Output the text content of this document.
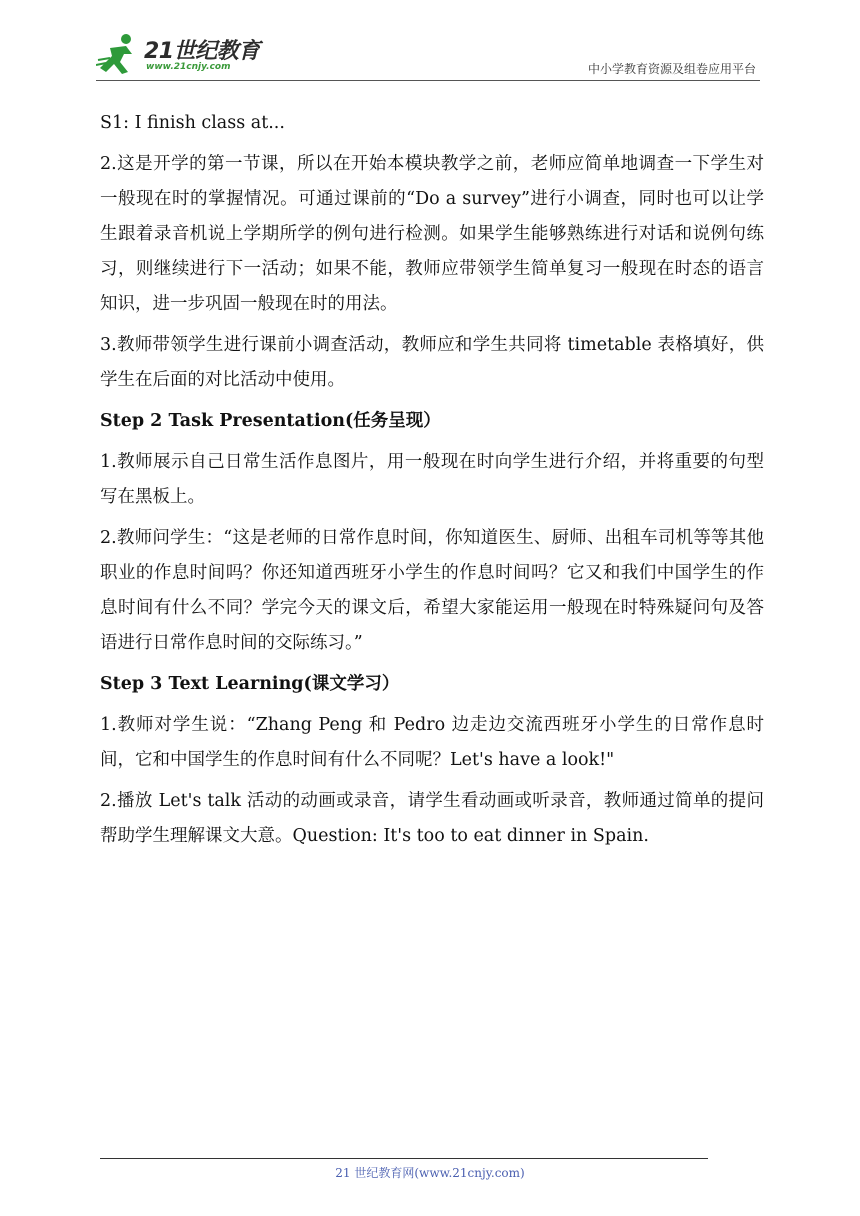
21世纪教育
www.21cnjy.com	中小学教育资源及组卷应用平台

S1: I finish class at...

2.这是开学的第一节课，所以在开始本模块教学之前，老师应简单地调查一下学生对一般现在时的掌握情况。可通过课前的“Do a survey”进行小调查，同时也可以让学生跟着录音机说上学期所学的例句进行检测。如果学生能够熟练进行对话和说例句练习，则继续进行下一活动；如果不能，教师应带领学生简单复习一般现在时态的语言知识，进一步巩固一般现在时的用法。

3.教师带领学生进行课前小调查活动，教师应和学生共同将 timetable 表格填好，供学生在后面的对比活动中使用。

Step 2 Task Presentation(任务呈现）

1.教师展示自己日常生活作息图片，用一般现在时向学生进行介绍，并将重要的句型写在黑板上。

2.教师问学生：“这是老师的日常作息时间，你知道医生、厨师、出租车司机等等其他职业的作息时间吗？你还知道西班牙小学生的作息时间吗？它又和我们中国学生的作息时间有什么不同？学完今天的课文后，希望大家能运用一般现在时特殊疑问句及答语进行日常作息时间的交际练习。”

Step 3 Text Learning(课文学习）

1.教师对学生说：“Zhang Peng 和 Pedro 边走边交流西班牙小学生的日常作息时间，它和中国学生的作息时间有什么不同呢？Let's have a look!"

2.播放 Let's talk 活动的动画或录音，请学生看动画或听录音，教师通过简单的提问帮助学生理解课文大意。Question: It's too to eat dinner in Spain.

21 世纪教育网(www.21cnjy.com)
